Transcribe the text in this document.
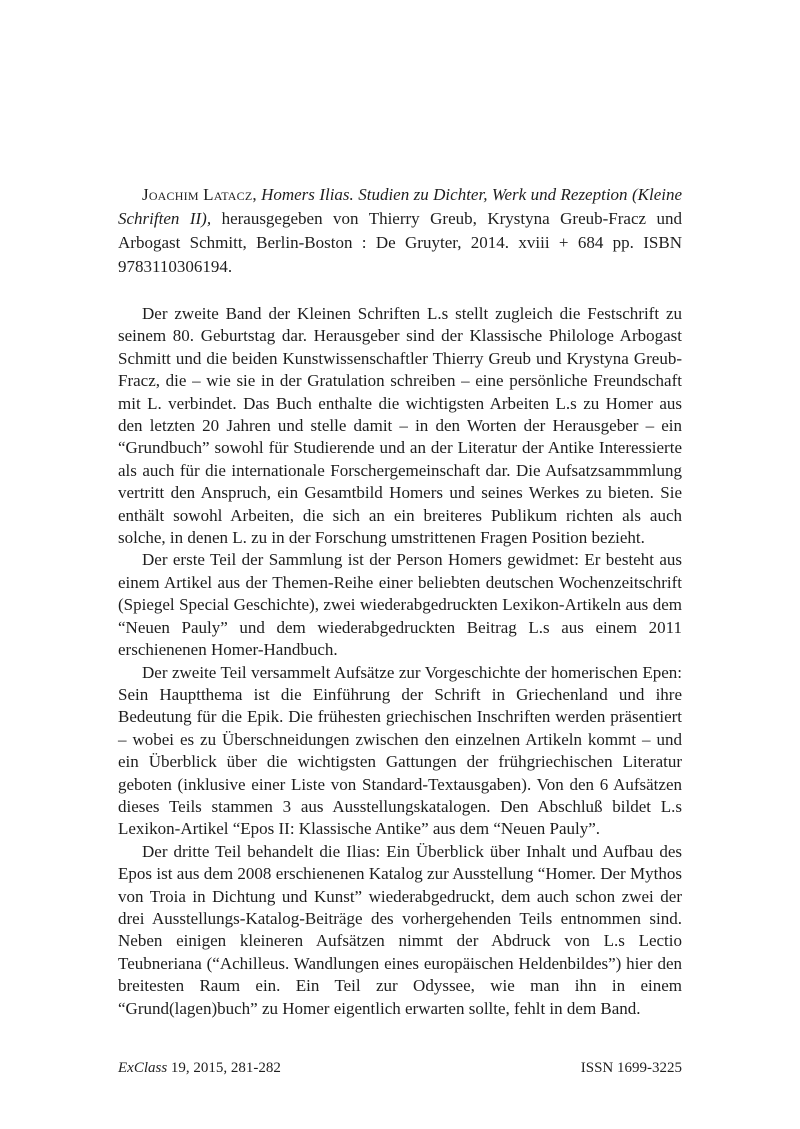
Joachim Latacz, Homers Ilias. Studien zu Dichter, Werk und Rezeption (Kleine Schriften II), herausgegeben von Thierry Greub, Krystyna Greub-Fracz und Arbogast Schmitt, Berlin-Boston : De Gruyter, 2014. xviii + 684 pp. ISBN 9783110306194.

Der zweite Band der Kleinen Schriften L.s stellt zugleich die Festschrift zu seinem 80. Geburtstag dar. Herausgeber sind der Klassische Philologe Arbogast Schmitt und die beiden Kunstwissenschaftler Thierry Greub und Krystyna Greub-Fracz, die – wie sie in der Gratulation schreiben – eine persönliche Freundschaft mit L. verbindet. Das Buch enthalte die wichtigsten Arbeiten L.s zu Homer aus den letzten 20 Jahren und stelle damit – in den Worten der Herausgeber – ein “Grundbuch” sowohl für Studierende und an der Literatur der Antike Interessierte als auch für die internationale Forschergemeinschaft dar. Die Aufsatzsammmlung vertritt den Anspruch, ein Gesamtbild Homers und seines Werkes zu bieten. Sie enthält sowohl Arbeiten, die sich an ein breiteres Publikum richten als auch solche, in denen L. zu in der Forschung umstrittenen Fragen Position bezieht.

Der erste Teil der Sammlung ist der Person Homers gewidmet: Er besteht aus einem Artikel aus der Themen-Reihe einer beliebten deutschen Wochenzeitschrift (Spiegel Special Geschichte), zwei wiederabgedruckten Lexikon-Artikeln aus dem “Neuen Pauly” und dem wiederabgedruckten Beitrag L.s aus einem 2011 erschienenen Homer-Handbuch.

Der zweite Teil versammelt Aufsätze zur Vorgeschichte der homerischen Epen: Sein Hauptthema ist die Einführung der Schrift in Griechenland und ihre Bedeutung für die Epik. Die frühesten griechischen Inschriften werden präsentiert – wobei es zu Überschneidungen zwischen den einzelnen Artikeln kommt – und ein Überblick über die wichtigsten Gattungen der frühgriechischen Literatur geboten (inklusive einer Liste von Standard-Textausgaben). Von den 6 Aufsätzen dieses Teils stammen 3 aus Ausstellungskatalogen. Den Abschluß bildet L.s Lexikon-Artikel “Epos II: Klassische Antike” aus dem “Neuen Pauly”.

Der dritte Teil behandelt die Ilias: Ein Überblick über Inhalt und Aufbau des Epos ist aus dem 2008 erschienenen Katalog zur Ausstellung “Homer. Der Mythos von Troia in Dichtung und Kunst” wiederabgedruckt, dem auch schon zwei der drei Ausstellungs-Katalog-Beiträge des vorhergehenden Teils entnommen sind. Neben einigen kleineren Aufsätzen nimmt der Abdruck von L.s Lectio Teubneriana (“Achilleus. Wandlungen eines europäischen Heldenbildes”) hier den breitesten Raum ein. Ein Teil zur Odyssee, wie man ihn in einem “Grund(lagen)buch” zu Homer eigentlich erwarten sollte, fehlt in dem Band.

ExClass 19, 2015, 281-282	ISSN 1699-3225
